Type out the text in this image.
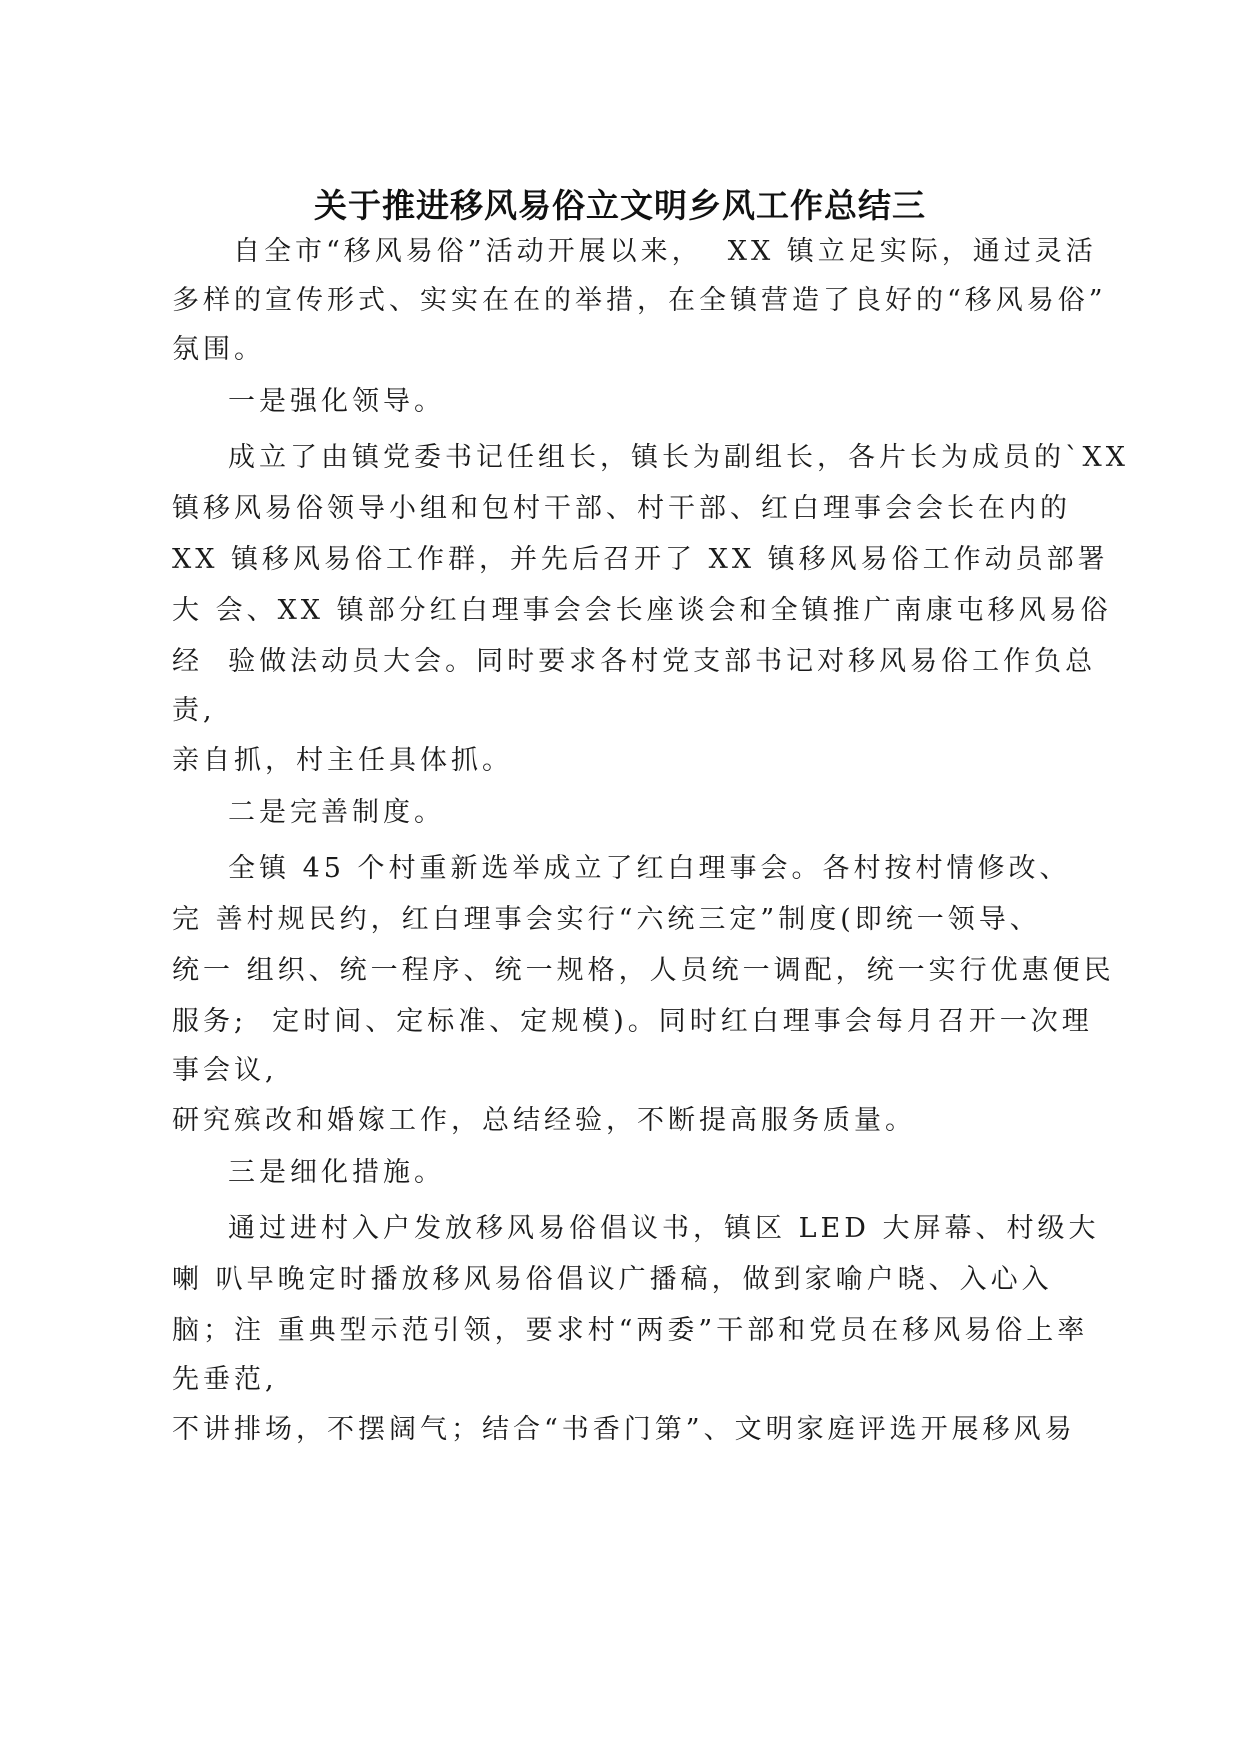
关于推进移风易俗立文明乡风工作总结三
自全市“移风易俗”活动开展以来，  XX 镇立足实际，通过灵活
多样的宣传形式、实实在在的举措，在全镇营造了良好的“移风易俗”
氛围。
一是强化领导。
成立了由镇党委书记任组长，镇长为副组长，各片长为成员的`XX
镇移风易俗领导小组和包村干部、村干部、红白理事会会长在内的
XX 镇移风易俗工作群，并先后召开了 XX 镇移风易俗工作动员部署
大 会、XX 镇部分红白理事会会长座谈会和全镇推广南康屯移风易俗
经  验做法动员大会。同时要求各村党支部书记对移风易俗工作负总
责,
亲自抓，村主任具体抓。
二是完善制度。
全镇 45 个村重新选举成立了红白理事会。各村按村情修改、
完 善村规民约，红白理事会实行“六统三定”制度(即统一领导、
统一 组织、统一程序、统一规格，人员统一调配，统一实行优惠便民
服务;  定时间、定标准、定规模)。同时红白理事会每月召开一次理
事会议,
研究殡改和婚嫁工作，总结经验，不断提高服务质量。
三是细化措施。
通过进村入户发放移风易俗倡议书，镇区 LED 大屏幕、村级大
喇 叭早晚定时播放移风易俗倡议广播稿，做到家喻户晓、入心入
脑；注 重典型示范引领，要求村“两委”干部和党员在移风易俗上率
先垂范,
不讲排场，不摆阔气；结合“书香门第”、文明家庭评选开展移风易
